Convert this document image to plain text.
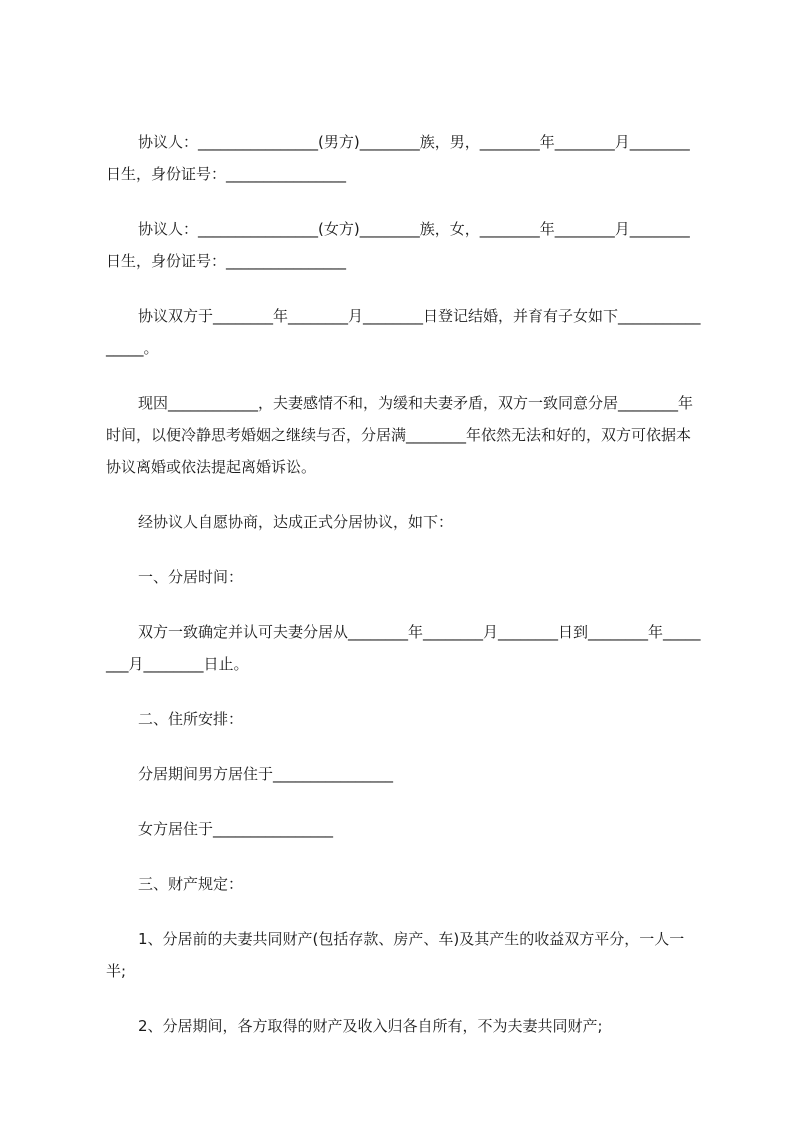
协议人：________________(男方)________族，男，________年________月________日生，身份证号：________________

协议人：________________(女方)________族，女，________年________月________日生，身份证号：________________

协议双方于________年________月________日登记结婚，并育有子女如下________________。

现因____________，夫妻感情不和，为缓和夫妻矛盾，双方一致同意分居________年时间，以便冷静思考婚姻之继续与否，分居满________年依然无法和好的，双方可依据本协议离婚或依法提起离婚诉讼。

经协议人自愿协商，达成正式分居协议，如下：

一、分居时间：

双方一致确定并认可夫妻分居从________年________月________日到________年________月________日止。

二、住所安排：

分居期间男方居住于________________

女方居住于________________

三、财产规定：

1、分居前的夫妻共同财产(包括存款、房产、车)及其产生的收益双方平分，一人一半;

2、分居期间，各方取得的财产及收入归各自所有，不为夫妻共同财产;
